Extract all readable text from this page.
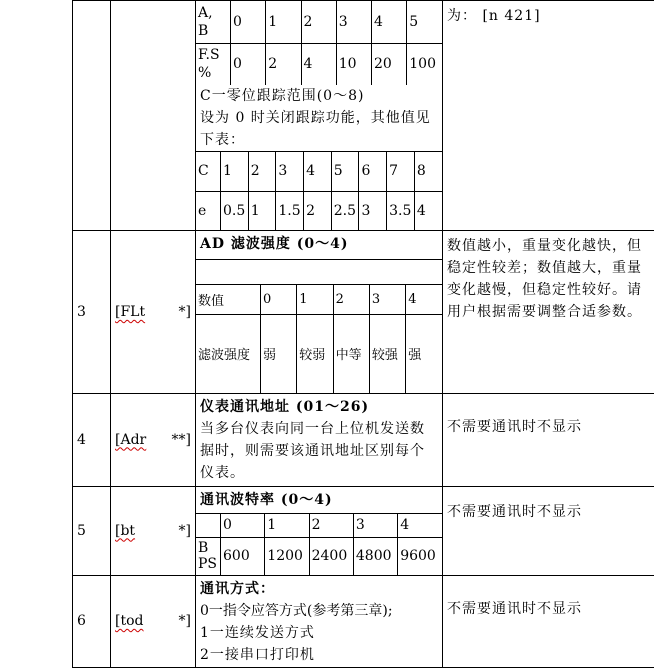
A,
B	0	1	2	3	4	5
F.S
%	0	2	4	10	20	100
C一零位跟踪范围(0～8)
设为 0 时关闭跟踪功能，其他值见下表：
C	1	2	3	4	5	6	7	8
e	0.5	1	1.5	2	2.5	3	3.5	4
	为： [n 421]
3	[FLt *]

AD 滤波强度 (0～4)
数值	0	1	2	3	4
滤波强度	弱	较弱	中等	较强	强
	数值越小，重量变化越快，但稳定性较差；数值越大，重量变化越慢，但稳定性较好。请用户根据需要调整合适参数。
4	[Adr **]

仪表通讯地址 (01～26)
当多台仪表向同一台上位机发送数据时，则需要该通讯地址区别每个仪表。
	不需要通讯时不显示
5	[bt	*]

通讯波特率 (0～4)
	0	1	2	3	4
B
PS	600	1200	2400	4800	9600
	不需要通讯时不显示
6	[tod	*]

通讯方式：
0一指令应答方式(参考第三章);
1一连续发送方式
2一接串口打印机
	不需要通讯时不显示
